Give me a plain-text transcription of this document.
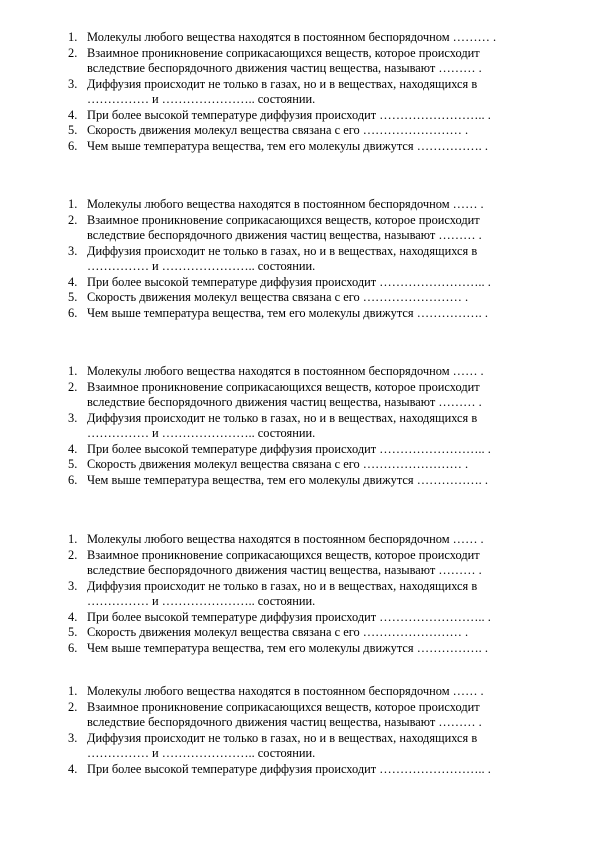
1. Молекулы любого вещества находятся в постоянном беспорядочном ……… .
2. Взаимное проникновение соприкасающихся веществ, которое происходит
вследствие беспорядочного движения частиц вещества, называют ……… .
3. Диффузия происходит не только в газах, но и в веществах, находящихся в
…………… и ………………….. состоянии.
4. При более высокой температуре диффузия происходит …………………….. .
5. Скорость движения молекул вещества связана с его …………………… .
6. Чем выше температура вещества, тем его молекулы движутся ……………. .
1. Молекулы любого вещества находятся в постоянном беспорядочном …… .
2. Взаимное проникновение соприкасающихся веществ, которое происходит
вследствие беспорядочного движения частиц вещества, называют ……… .
3. Диффузия происходит не только в газах, но и в веществах, находящихся в
…………… и ………………….. состоянии.
4. При более высокой температуре диффузия происходит …………………….. .
5. Скорость движения молекул вещества связана с его …………………… .
6. Чем выше температура вещества, тем его молекулы движутся ……………. .
1. Молекулы любого вещества находятся в постоянном беспорядочном …… .
2. Взаимное проникновение соприкасающихся веществ, которое происходит
вследствие беспорядочного движения частиц вещества, называют ……… .
3. Диффузия происходит не только в газах, но и в веществах, находящихся в
…………… и ………………….. состоянии.
4. При более высокой температуре диффузия происходит …………………….. .
5. Скорость движения молекул вещества связана с его …………………… .
6. Чем выше температура вещества, тем его молекулы движутся ……………. .
1. Молекулы любого вещества находятся в постоянном беспорядочном …… .
2. Взаимное проникновение соприкасающихся веществ, которое происходит
вследствие беспорядочного движения частиц вещества, называют ……… .
3. Диффузия происходит не только в газах, но и в веществах, находящихся в
…………… и ………………….. состоянии.
4. При более высокой температуре диффузия происходит …………………….. .
5. Скорость движения молекул вещества связана с его …………………… .
6. Чем выше температура вещества, тем его молекулы движутся ……………. .
1. Молекулы любого вещества находятся в постоянном беспорядочном …… .
2. Взаимное проникновение соприкасающихся веществ, которое происходит
вследствие беспорядочного движения частиц вещества, называют ……… .
3. Диффузия происходит не только в газах, но и в веществах, находящихся в
…………… и ………………….. состоянии.
4. При более высокой температуре диффузия происходит …………………….. .
